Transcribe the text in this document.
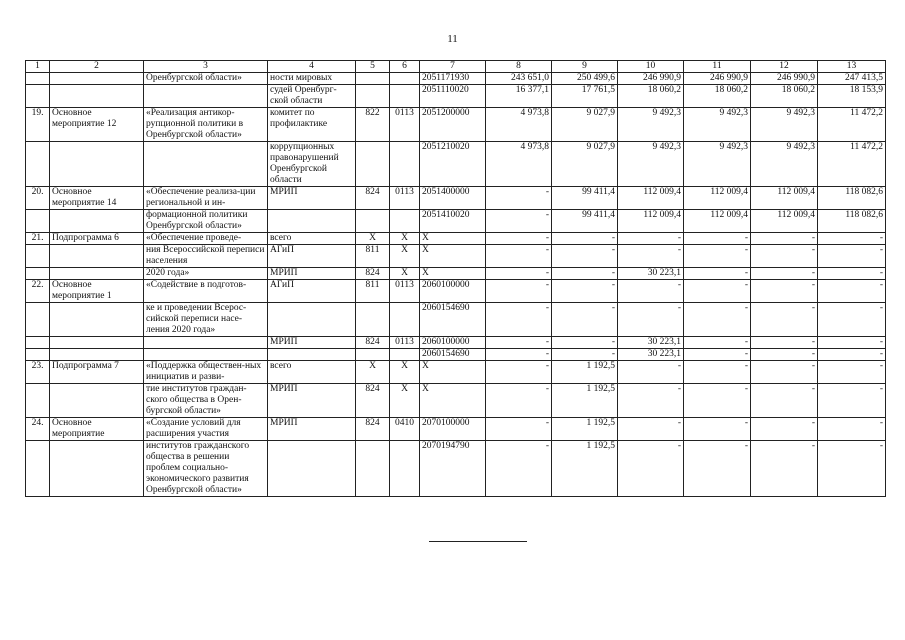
11
1	2	3	4	5	6	7	8	9	10	11	12	13
		Оренбургской области»	ности мировых			2051171930	243 651,0	250 499,6	246 990,9	246 990,9	246 990,9	247 413,5
			судей Оренбург-ской области			2051110020	16 377,1	17 761,5	18 060,2	18 060,2	18 060,2	18 153,9
19.	Основное мероприятие 12	«Реализация антикор-рупционной политики в Оренбургской области»	комитет по профилактике	822	0113	2051200000	4 973,8	9 027,9	9 492,3	9 492,3	9 492,3	11 472,2
			коррупционных правонарушений Оренбургской области			2051210020	4 973,8	9 027,9	9 492,3	9 492,3	9 492,3	11 472,2
20.	Основное мероприятие 14	«Обеспечение реализа-ции региональной и ин-	МРИП	824	0113	2051400000	-	99 411,4	112 009,4	112 009,4	112 009,4	118 082,6
		формационной политики Оренбургской области»				2051410020	-	99 411,4	112 009,4	112 009,4	112 009,4	118 082,6
21.	Подпрограмма 6	«Обеспечение проведе-	всего	Х	Х	Х	-	-	-	-	-	-
		ния Всероссийской переписи населения	АГиП	811	Х	Х	-	-	-	-	-	-
		2020 года»	МРИП	824	Х	Х	-	-	30 223,1	-	-	-
22.	Основное мероприятие 1	«Содействие в подготов-	АГиП	811	0113	2060100000	-	-	-	-	-	-
		ке и проведении Всерос-сийской переписи насе-ления 2020 года»				2060154690	-	-	-	-	-	-
			МРИП	824	0113	2060100000	-	-	30 223,1	-	-	-
						2060154690	-	-	30 223,1	-	-	-
23.	Подпрограмма 7	«Поддержка обществен-ных инициатив и разви-	всего	Х	Х	Х	-	1 192,5	-	-	-	-
		тие институтов граждан-ского общества в Орен-бургской области»	МРИП	824	Х	Х	-	1 192,5	-	-	-	-
24.	Основное мероприятие	«Создание условий для расширения участия	МРИП	824	0410	2070100000	-	1 192,5	-	-	-	-
		институтов гражданского общества в решении проблем социально-экономического развития Оренбургской области»				2070194790	-	1 192,5	-	-	-	-
